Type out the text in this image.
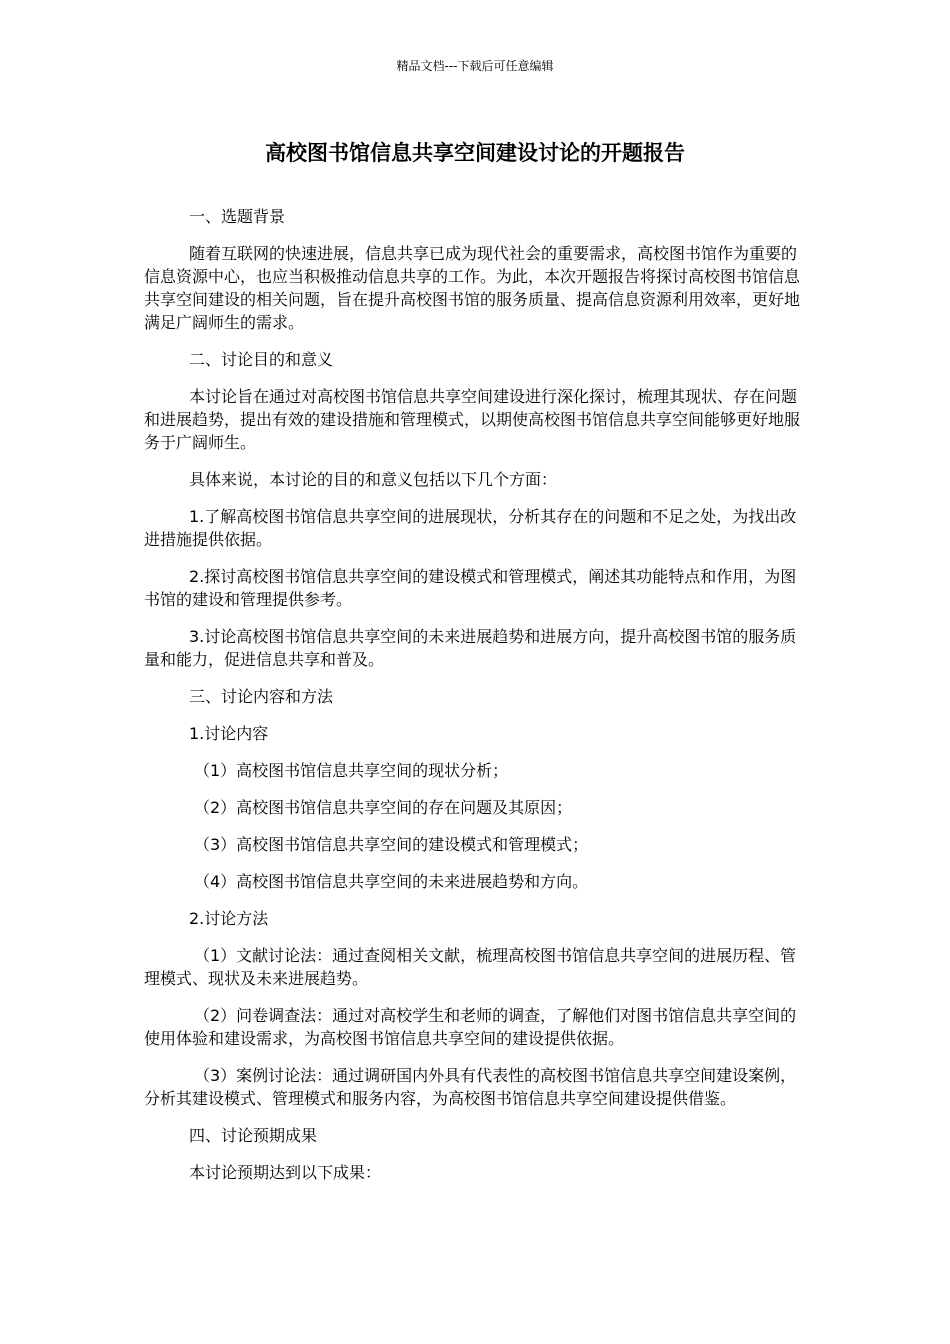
精品文档---下载后可任意编辑
高校图书馆信息共享空间建设讨论的开题报告

一、选题背景

随着互联网的快速进展，信息共享已成为现代社会的重要需求，高校图书馆作为重要的信息资源中心，也应当积极推动信息共享的工作。为此，本次开题报告将探讨高校图书馆信息共享空间建设的相关问题，旨在提升高校图书馆的服务质量、提高信息资源利用效率，更好地满足广阔师生的需求。

二、讨论目的和意义

本讨论旨在通过对高校图书馆信息共享空间建设进行深化探讨，梳理其现状、存在问题和进展趋势，提出有效的建设措施和管理模式，以期使高校图书馆信息共享空间能够更好地服务于广阔师生。

具体来说，本讨论的目的和意义包括以下几个方面：

1.了解高校图书馆信息共享空间的进展现状，分析其存在的问题和不足之处，为找出改进措施提供依据。

2.探讨高校图书馆信息共享空间的建设模式和管理模式，阐述其功能特点和作用，为图书馆的建设和管理提供参考。

3.讨论高校图书馆信息共享空间的未来进展趋势和进展方向，提升高校图书馆的服务质量和能力，促进信息共享和普及。

三、讨论内容和方法

1.讨论内容

（1）高校图书馆信息共享空间的现状分析；

（2）高校图书馆信息共享空间的存在问题及其原因；

（3）高校图书馆信息共享空间的建设模式和管理模式；

（4）高校图书馆信息共享空间的未来进展趋势和方向。

2.讨论方法

（1）文献讨论法：通过查阅相关文献，梳理高校图书馆信息共享空间的进展历程、管理模式、现状及未来进展趋势。

（2）问卷调查法：通过对高校学生和老师的调查，了解他们对图书馆信息共享空间的使用体验和建设需求，为高校图书馆信息共享空间的建设提供依据。

（3）案例讨论法：通过调研国内外具有代表性的高校图书馆信息共享空间建设案例，分析其建设模式、管理模式和服务内容，为高校图书馆信息共享空间建设提供借鉴。

四、讨论预期成果

本讨论预期达到以下成果：
